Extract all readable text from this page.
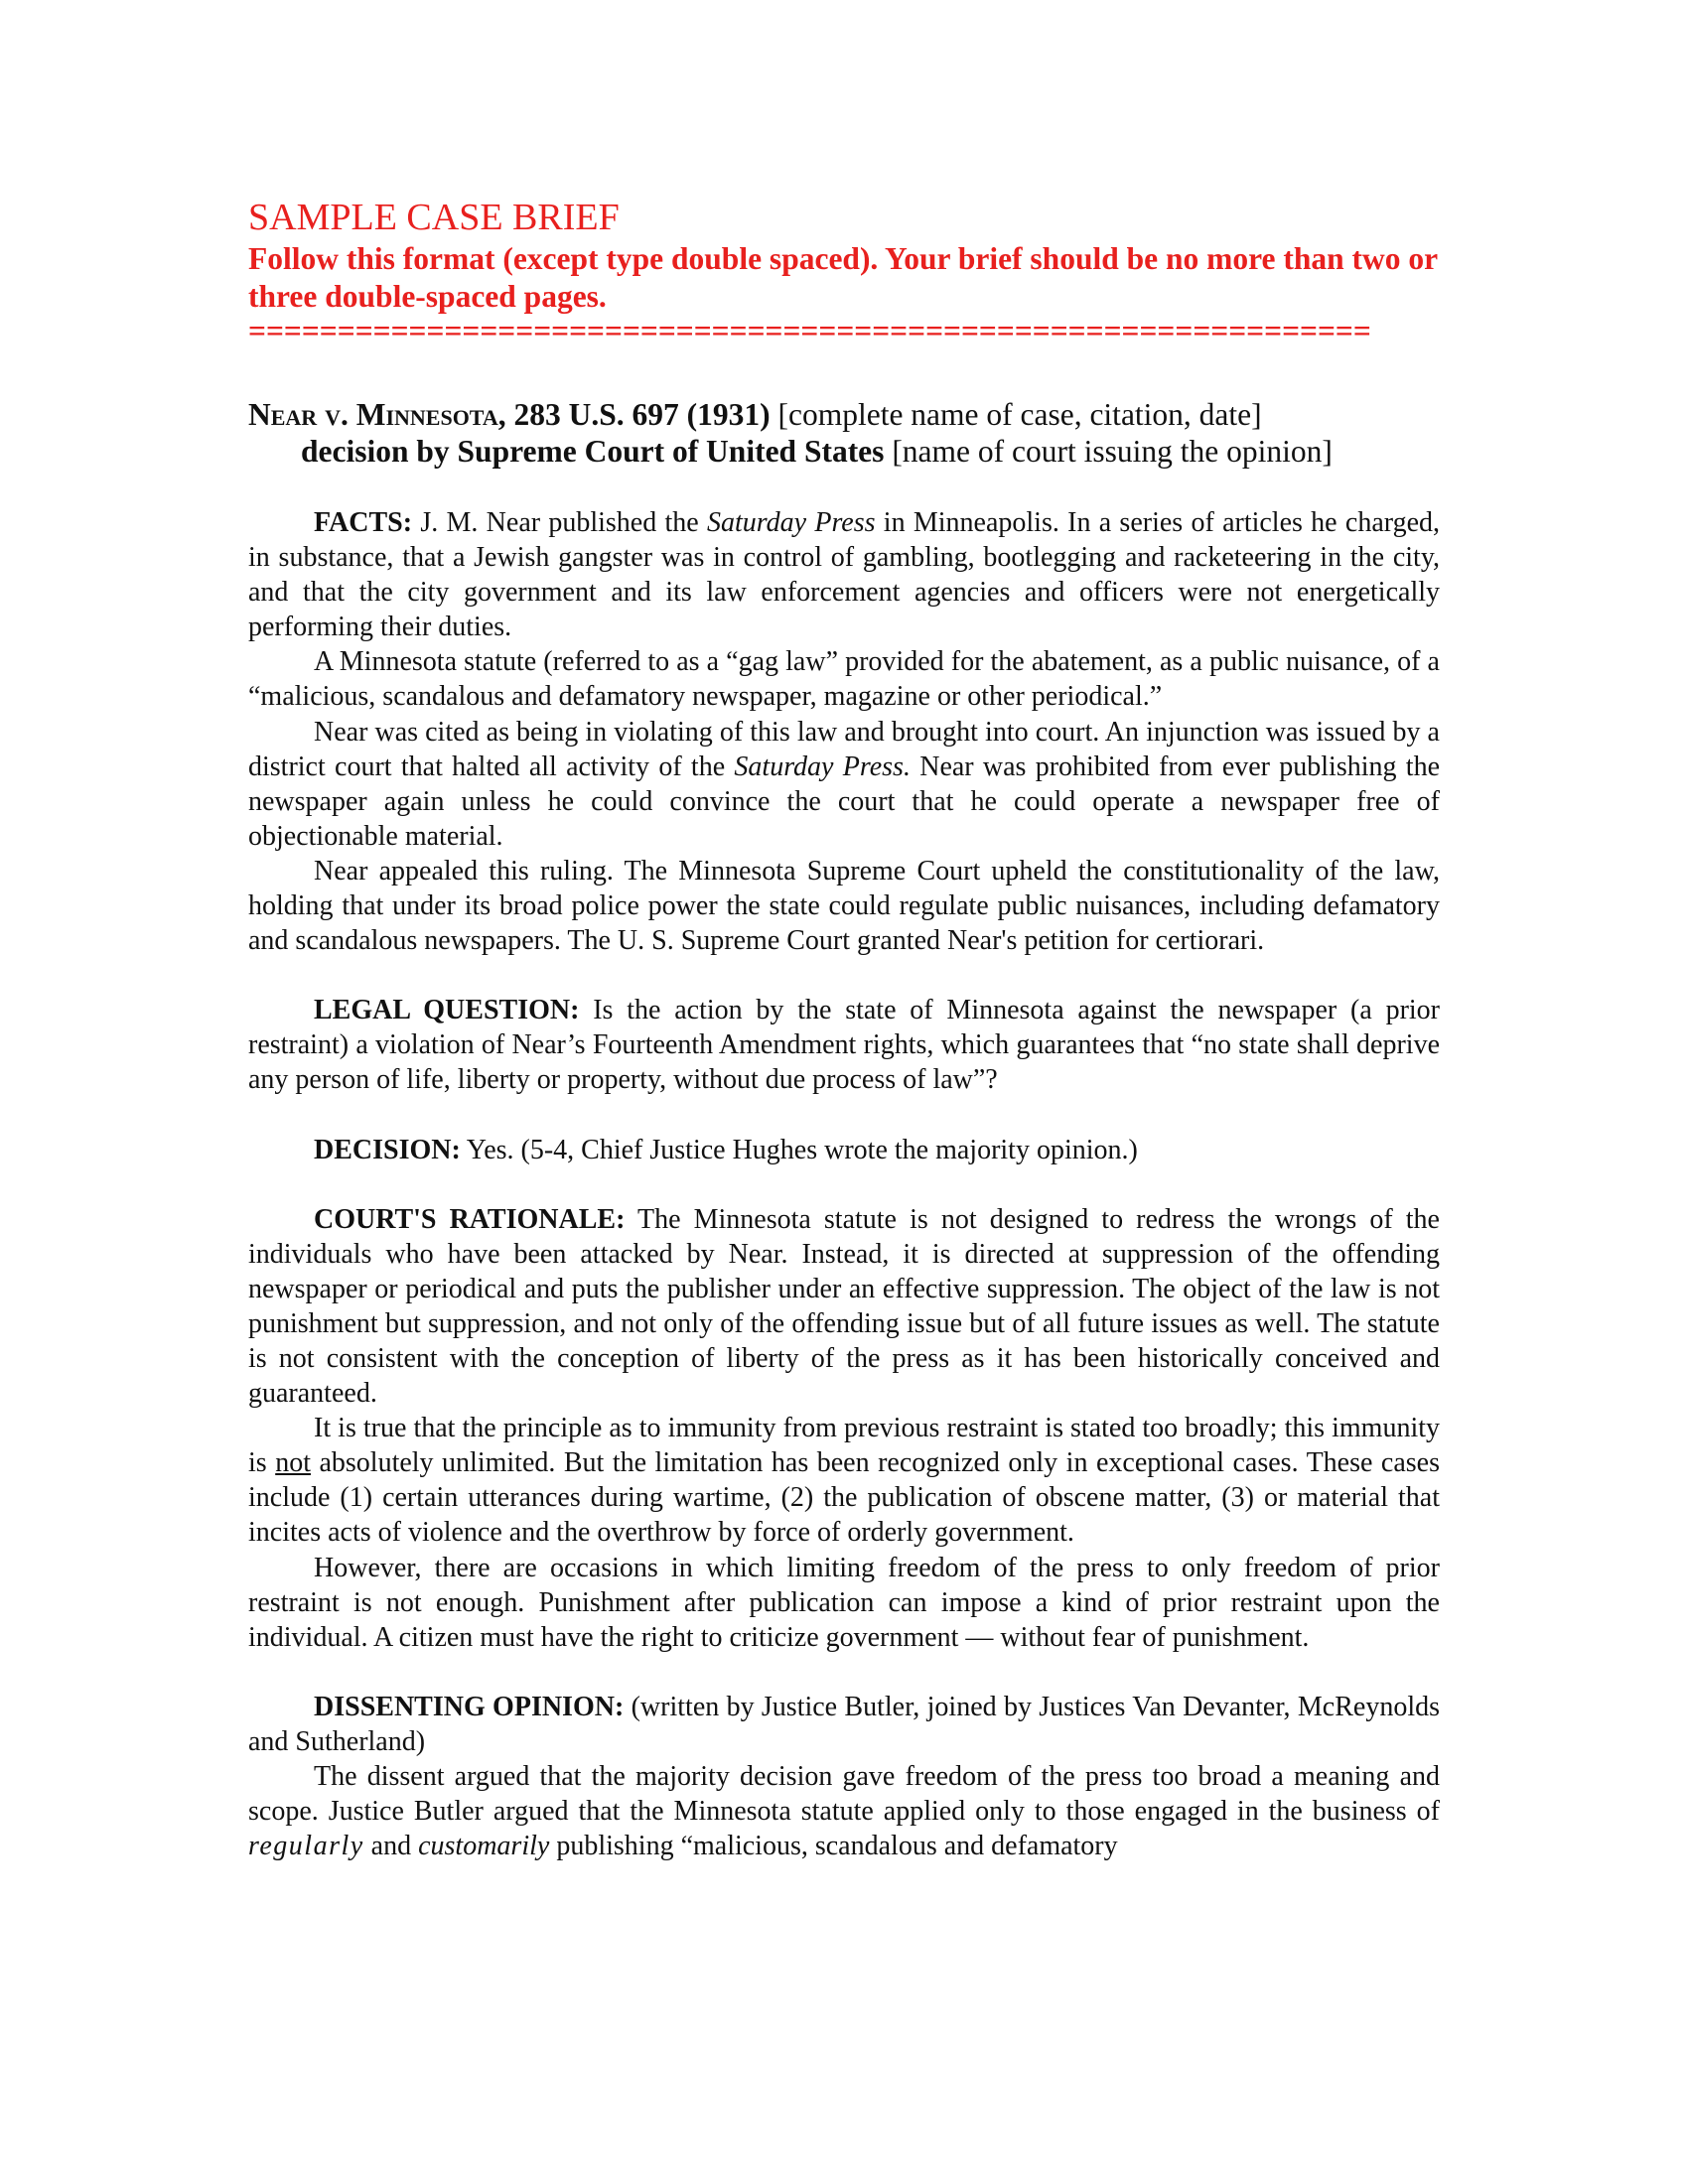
SAMPLE CASE BRIEF
Follow this format (except type double spaced). Your brief should be no more than two or three double-spaced pages.
===============================================================
Near v. Minnesota, 283 U.S. 697 (1931) [complete name of case, citation, date]
decision by Supreme Court of United States [name of court issuing the opinion]

FACTS: J. M. Near published the Saturday Press in Minneapolis. In a series of articles he charged, in substance, that a Jewish gangster was in control of gambling, bootlegging and racketeering in the city, and that the city government and its law enforcement agencies and officers were not energetically performing their duties.

A Minnesota statute (referred to as a “gag law” provided for the abatement, as a public nuisance, of a “malicious, scandalous and defamatory newspaper, magazine or other periodical.”

Near was cited as being in violating of this law and brought into court. An injunction was issued by a district court that halted all activity of the Saturday Press. Near was prohibited from ever publishing the newspaper again unless he could convince the court that he could operate a newspaper free of objectionable material.

Near appealed this ruling. The Minnesota Supreme Court upheld the constitutionality of the law, holding that under its broad police power the state could regulate public nuisances, including defamatory and scandalous newspapers. The U. S. Supreme Court granted Near's petition for certiorari.

LEGAL QUESTION: Is the action by the state of Minnesota against the newspaper (a prior restraint) a violation of Near’s Fourteenth Amendment rights, which guarantees that “no state shall deprive any person of life, liberty or property, without due process of law”?

DECISION: Yes. (5-4, Chief Justice Hughes wrote the majority opinion.)

COURT'S RATIONALE: The Minnesota statute is not designed to redress the wrongs of the individuals who have been attacked by Near. Instead, it is directed at suppression of the offending newspaper or periodical and puts the publisher under an effective suppression. The object of the law is not punishment but suppression, and not only of the offending issue but of all future issues as well. The statute is not consistent with the conception of liberty of the press as it has been historically conceived and guaranteed.

It is true that the principle as to immunity from previous restraint is stated too broadly; this immunity is not absolutely unlimited. But the limitation has been recognized only in exceptional cases. These cases include (1) certain utterances during wartime, (2) the publication of obscene matter, (3) or material that incites acts of violence and the overthrow by force of orderly government.

However, there are occasions in which limiting freedom of the press to only freedom of prior restraint is not enough. Punishment after publication can impose a kind of prior restraint upon the individual. A citizen must have the right to criticize government — without fear of punishment.

DISSENTING OPINION: (written by Justice Butler, joined by Justices Van Devanter, McReynolds and Sutherland)

The dissent argued that the majority decision gave freedom of the press too broad a meaning and scope. Justice Butler argued that the Minnesota statute applied only to those engaged in the business of regularly and customarily publishing “malicious, scandalous and defamatory
